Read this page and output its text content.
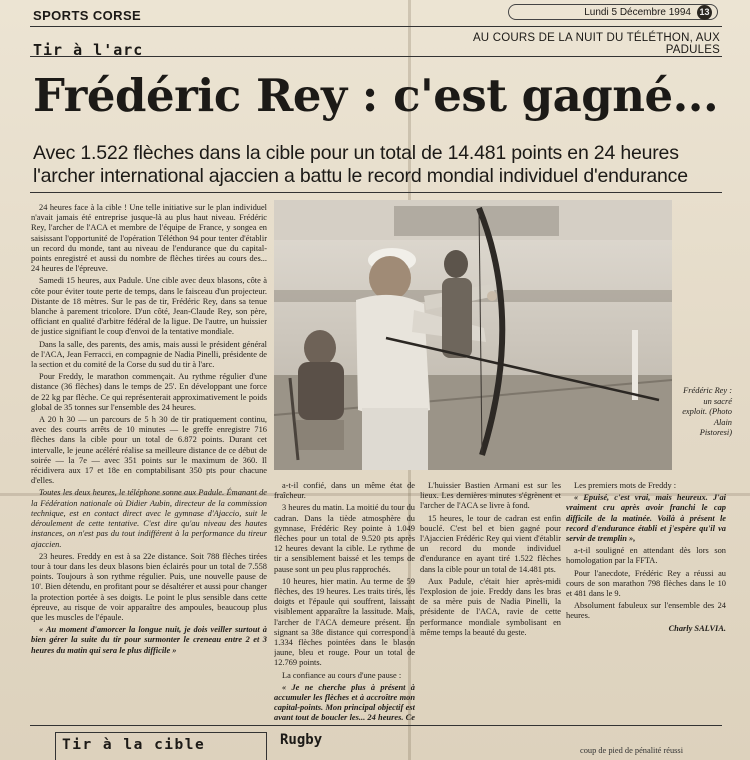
SPORTS CORSE	Lundi 5 Décembre 1994 13
Tir à l'arc
AU COURS DE LA NUIT DU TÉLÉTHON, AUX PADULES
Frédéric Rey : c'est gagné...
Avec 1.522 flèches dans la cible pour un total de 14.481 points en 24 heures l'archer international ajaccien a battu le record mondial individuel d'endurance

24 heures face à la cible ! Une telle initiative sur le plan individuel n'avait jamais été entreprise jusque-là au plus haut niveau. Frédéric Rey, l'archer de l'ACA et membre de l'équipe de France, y songea en saisissant l'opportunité de l'opération Téléthon 94 pour tenter d'établir un record du monde, tant au niveau de l'endurance que du capital-points enregistré et aussi du nombre de flèches tirées au cours des... 24 heures de l'épreuve.

Samedi 15 heures, aux Padule. Une cible avec deux blasons, côte à côte pour éviter toute perte de temps, dans le faisceau d'un projecteur. Distante de 18 mètres. Sur le pas de tir, Frédéric Rey, dans sa tenue blanche à parement tricolore. D'un côté, Jean-Claude Rey, son père, officiant en qualité d'arbitre fédéral de la ligue. De l'autre, un huissier de justice signifiant le coup d'envoi de la tentative mondiale.

Dans la salle, des parents, des amis, mais aussi le président général de l'ACA, Jean Ferracci, en compagnie de Nadia Pinelli, présidente de la section et du comité de la Corse du sud du tir à l'arc.

Pour Freddy, le marathon commençait. Au rythme régulier d'une distance (36 flèches) dans le temps de 25'. En développant une force de 22 kg par flèche. Ce qui représenterait approximativement le poids global de 35 tonnes sur l'ensemble des 24 heures.

A 20 h 30 — un parcours de 5 h 30 de tir pratiquement continu, avec des courts arrêts de 10 minutes — le greffe enregistre 716 flèches dans la cible pour un total de 6.872 points. Durant cet intervalle, le jeune acéléré réalise sa meilleure distance de ce début de soirée — la 7e — avec 351 points sur le maximum de 360. Il récidivera aux 17 et 18e en comptabilisant 350 pts pour chacune d'elles.

Toutes les deux heures, le téléphone sonne aux Padule. Émanant de la Fédération nationale où Didier Aubin, directeur de la commission technique, est en contact direct avec le gymnase d'Ajaccio, suit le déroulement de cette tentative. C'est dire qu'au niveau des hautes instances, on n'est pas du tout indifférent à la performance du tireur ajaccien.

23 heures. Freddy en est à sa 22e distance. Soit 788 flèches tirées tour à tour dans les deux blasons bien éclairés pour un total de 7.558 points. Toujours à son rythme régulier. Puis, une nouvelle pause de 10'. Bien détendu, en profitant pour se désaltérer et aussi pour changer la protection portée à ses doigts. Le point le plus sensible dans cette épreuve, au risque de voir apparaître des ampoules, beaucoup plus que les muscles de l'épaule.

« Au moment d'amorcer la longue nuit, je dois veiller surtout à bien gérer la suite du tir pour surmonter le creneau entre 2 et 3 heures du matin qui sera le plus difficile »

Frédéric Rey : un sacré exploit. (Photo Alain Pistoresi)

a-t-il confié, dans un même état de fraîcheur.

3 heures du matin. La moitié du tour du cadran. Dans la tiède atmosphère du gymnase, Frédéric Rey pointe à 1.049 flèches pour un total de 9.520 pts après 12 heures devant la cible. Le rythme de tir a sensiblement baissé et les temps de pause sont un peu plus rapprochés.

10 heures, hier matin. Au terme de 59 flèches, des 19 heures. Les traits tirés, les doigts et l'épaule qui souffrent, laissant visiblement apparaître la lassitude. Mais, l'archer de l'ACA demeure présent. En signant sa 38e distance qui correspond à 1.334 flèches pointées dans le blason jaune, bleu et rouge. Pour un total de 12.769 points.

La confiance au cours d'une pause :

« Je ne cherche plus à présent à accumuler les flèches et à accroître mon capital-points. Mon principal objectif est avant tout de boucler les... 24 heures. Ce

L'huissier Bastien Armani est sur les lieux. Les dernières minutes s'égrènent et l'archer de l'ACA se livre à fond.

15 heures, le tour de cadran est enfin bouclé. C'est bel et bien gagné pour l'Ajaccien Frédéric Rey qui vient d'établir un record du monde individuel d'endurance en ayant tiré 1.522 flèches dans la cible pour un total de 14.481 pts.

Aux Padule, c'était hier après-midi l'explosion de joie. Freddy dans les bras de sa mère puis de Nadia Pinelli, la présidente de l'ACA, ravie de cette performance mondiale symbolisant en même temps la beauté du geste.

Les premiers mots de Freddy :

« Epuisé, c'est vrai, mais heureux. J'ai vraiment cru après avoir franchi le cap difficile de la matinée. Voilà à présent le record d'endurance établi et j'espère qu'il va servir de tremplin »,

a-t-il souligné en attendant dès lors son homologation par la FFTA.

Pour l'anecdote, Frédéric Rey a réussi au cours de son marathon 798 flèches dans le 10 et 481 dans le 9.

Absolument fabuleux sur l'ensemble des 24 heures.

Charly SALVIA.

Tir à la cible	Rugby
coup de pied de pénalité réussi
